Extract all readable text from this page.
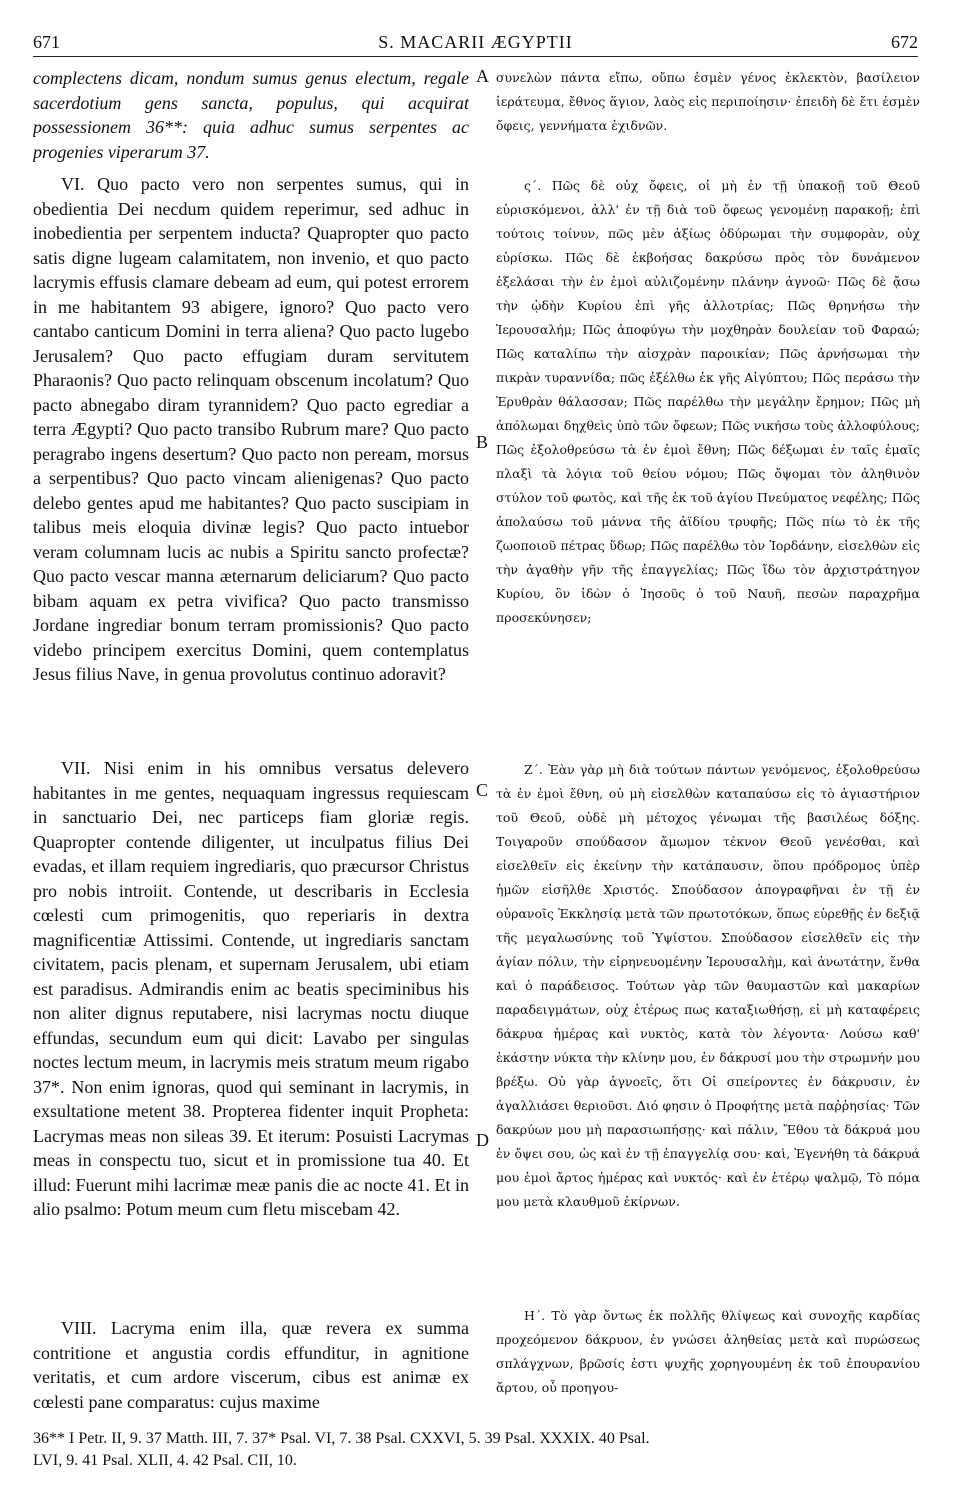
671	S. MACARII ÆGYPTII	672

complectens dicam, nondum sumus genus electum, regale sacerdotium gens sancta, populus, qui acquirat possessionem 36**: quia adhuc sumus serpentes ac progenies viperarum 37.

VI. Quo pacto vero non serpentes sumus, qui in obedientia Dei necdum quidem reperimur, sed adhuc in inobedientia per serpentem inducta? Quapropter quo pacto satis digne lugeam calamitatem, non invenio, et quo pacto lacrymis effusis clamare debeam ad eum, qui potest errorem in me habitantem 93 abigere, ignoro? Quo pacto vero cantabo canticum Domini in terra aliena? Quo pacto lugebo Jerusalem? Quo pacto effugiam duram servitutem Pharaonis? Quo pacto relinquam obscenum incolatum? Quo pacto abnegabo diram tyrannidem? Quo pacto egrediar a terra Ægypti? Quo pacto transibo Rubrum mare? Quo pacto peragrabo ingens desertum? Quo pacto non peream, morsus a serpentibus? Quo pacto vincam alienigenas? Quo pacto delebo gentes apud me habitantes? Quo pacto suscipiam in talibus meis eloquia divinæ legis? Quo pacto intuebor veram columnam lucis ac nubis a Spiritu sancto profectæ? Quo pacto vescar manna æternarum deliciarum? Quo pacto bibam aquam ex petra vivifica? Quo pacto transmisso Jordane ingrediar bonum terram promissionis? Quo pacto videbo principem exercitus Domini, quem contemplatus Jesus filius Nave, in genua provolutus continuo adoravit?

VII. Nisi enim in his omnibus versatus delevero habitantes in me gentes, nequaquam ingressus requiescam in sanctuario Dei, nec particeps fiam gloriæ regis. Quapropter contende diligenter, ut inculpatus filius Dei evadas, et illam requiem ingrediaris, quo præcursor Christus pro nobis introiit. Contende, ut describaris in Ecclesia cœlesti cum primogenitis, quo reperiaris in dextra magnificentiæ Attissimi. Contende, ut ingrediaris sanctam civitatem, pacis plenam, et supernam Jerusalem, ubi etiam est paradisus. Admirandis enim ac beatis speciminibus his non aliter dignus reputabere, nisi lacrymas noctu diuque effundas, secundum eum qui dicit: Lavabo per singulas noctes lectum meum, in lacrymis meis stratum meum rigabo 37*. Non enim ignoras, quod qui seminant in lacrymis, in exsultatione metent 38. Propterea fidenter inquit Propheta: Lacrymas meas non sileas 39. Et iterum: Posuisti Lacrymas meas in conspectu tuo, sicut et in promissione tua 40. Et illud: Fuerunt mihi lacrimæ meæ panis die ac nocte 41. Et in alio psalmo: Potum meum cum fletu miscebam 42.

VIII. Lacryma enim illa, quæ revera ex summa contritione et angustia cordis effunditur, in agnitione veritatis, et cum ardore viscerum, cibus est animæ ex cœlesti pane comparatus: cujus maxime

A
B
C
D

συνελὼν πάντα εἴπω, οὔπω ἐσμὲν γένος ἐκλεκτὸν, βασίλειον ἱεράτευμα, ἔθνος ἅγιον, λαὸς εἰς περιποίησιν· ἐπειδὴ δὲ ἔτι ἐσμὲν ὄφεις, γεννήματα ἐχιδνῶν.

ς΄. Πῶς δὲ οὐχ ὄφεις, οἱ μὴ ἐν τῇ ὑπακοῇ τοῦ Θεοῦ εὑρισκόμενοι, ἀλλ' ἐν τῇ διὰ τοῦ ὄφεως γενομένῃ παρακοῇ; ἐπὶ τούτοις τοίνυν, πῶς μὲν ἀξίως ὀδύρωμαι τὴν συμφορὰν, οὐχ εὑρίσκω. Πῶς δὲ ἐκβοήσας δακρύσω πρὸς τὸν δυνάμενον ἐξελάσαι τὴν ἐν ἐμοὶ αὐλιζομένην πλάνην ἀγνοῶ· Πῶς δὲ ᾄσω τὴν ᾠδὴν Κυρίου ἐπὶ γῆς ἀλλοτρίας; Πῶς θρηνήσω τὴν Ἱερουσαλήμ; Πῶς ἀποφύγω τὴν μοχθηρὰν δουλείαν τοῦ Φαραώ; Πῶς καταλίπω τὴν αἰσχρὰν παροικίαν; Πῶς ἀρνήσωμαι τὴν πικρὰν τυραννίδα; πῶς ἐξέλθω ἐκ γῆς Αἰγύπτου; Πῶς περάσω τὴν Ἐρυθρὰν θάλασσαν; Πῶς παρέλθω τὴν μεγάλην ἔρημον; Πῶς μὴ ἀπόλωμαι δηχθεὶς ὑπὸ τῶν ὄφεων; Πῶς νικήσω τοὺς ἀλλοφύλους; Πῶς ἐξολοθρεύσω τὰ ἐν ἐμοὶ ἔθνη; Πῶς δέξωμαι ἐν ταῖς ἐμαῖς πλαξὶ τὰ λόγια τοῦ θείου νόμου; Πῶς ὄψομαι τὸν ἀληθινὸν στύλον τοῦ φωτὸς, καὶ τῆς ἐκ τοῦ ἁγίου Πνεύματος νεφέλης; Πῶς ἀπολαύσω τοῦ μάννα τῆς ἀϊδίου τρυφῆς; Πῶς πίω τὸ ἐκ τῆς ζωοποιοῦ πέτρας ὕδωρ; Πῶς παρέλθω τὸν Ἰορδάνην, εἰσελθὼν εἰς τὴν ἀγαθὴν γῆν τῆς ἐπαγγελίας; Πῶς ἴδω τὸν ἀρχιστράτηγον Κυρίου, ὃν ἰδὼν ὁ Ἰησοῦς ὁ τοῦ Ναυῆ, πεσὼν παραχρῆμα προσεκύνησεν;

Ζ΄. Ἐὰν γὰρ μὴ διὰ τούτων πάντων γενόμενος, ἐξολοθρεύσω τὰ ἐν ἐμοὶ ἔθνη, οὐ μὴ εἰσελθὼν καταπαύσω εἰς τὸ ἁγιαστήριον τοῦ Θεοῦ, οὐδὲ μὴ μέτοχος γένωμαι τῆς βασιλέως δόξης. Τοιγαροῦν σπούδασον ἄμωμον τέκνον Θεοῦ γενέσθαι, καὶ εἰσελθεῖν εἰς ἐκείνην τὴν κατάπαυσιν, ὅπου πρόδρομος ὑπὲρ ἡμῶν εἰσῆλθε Χριστός. Σπούδασον ἀπογραφῆναι ἐν τῇ ἐν οὐρανοῖς Ἐκκλησίᾳ μετὰ τῶν πρωτοτόκων, ὅπως εὑρεθῇς ἐν δεξιᾷ τῆς μεγαλωσύνης τοῦ Ὑψίστου. Σπούδασον εἰσελθεῖν εἰς τὴν ἁγίαν πόλιν, τὴν εἰρηνευομένην Ἱερουσαλὴμ, καὶ ἀνωτάτην, ἔνθα καὶ ὁ παράδεισος. Τούτων γὰρ τῶν θαυμαστῶν καὶ μακαρίων παραδειγμάτων, οὐχ ἑτέρως πως καταξιωθήσῃ, εἰ μὴ καταφέρεις δάκρυα ἡμέρας καὶ νυκτὸς, κατὰ τὸν λέγοντα· Λούσω καθ' ἑκάστην νύκτα τὴν κλίνην μου, ἐν δάκρυσί μου τὴν στρωμνήν μου βρέξω. Οὐ γὰρ ἀγνοεῖς, ὅτι Οἱ σπείροντες ἐν δάκρυσιν, ἐν ἀγαλλιάσει θεριοῦσι. Διό φησιν ὁ Προφήτης μετὰ παῤῥησίας· Τῶν δακρύων μου μὴ παρασιωπήσῃς· καὶ πάλιν, Ἔθου τὰ δάκρυά μου ἐν ὄψει σου, ὡς καὶ ἐν τῇ ἐπαγγελίᾳ σου· καὶ, Ἐγενήθη τὰ δάκρυά μου ἐμοὶ ἄρτος ἡμέρας καὶ νυκτός· καὶ ἐν ἑτέρῳ ψαλμῷ, Τὸ πόμα μου μετὰ κλαυθμοῦ ἐκίρνων.

Η΄. Τὸ γὰρ ὄντως ἐκ πολλῆς θλίψεως καὶ συνοχῆς καρδίας προχεόμενον δάκρυον, ἐν γνώσει ἀληθείας μετὰ καὶ πυρώσεως σπλάγχνων, βρῶσίς ἐστι ψυχῆς χορηγουμένη ἐκ τοῦ ἐπουρανίου ἄρτου, οὗ προηγου-

36** I Petr. II, 9. 37 Matth. III, 7. 37* Psal. VI, 7. 38 Psal. CXXVI, 5. 39 Psal. XXXIX. 40 Psal.
LVI, 9. 41 Psal. XLII, 4. 42 Psal. CII, 10.
